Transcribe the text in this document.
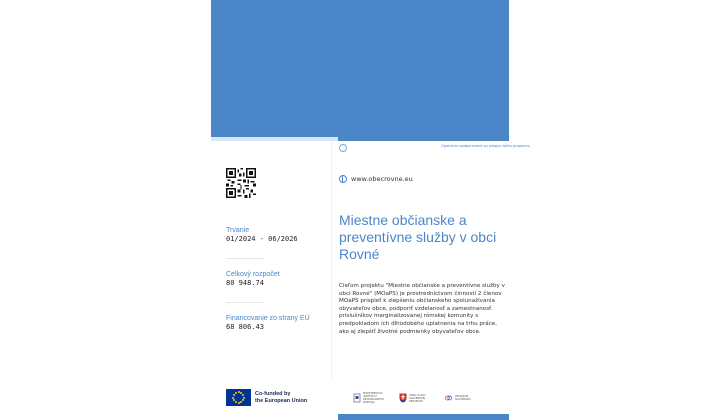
Opatrenie podporované zo zdrojov tohto programu
www.obecrovne.eu
Miestne občianske a preventívne služby v obci Rovné
Trvanie
01/2024 - 06/2026
Celkový rozpočet
80 948.74
Financovanie zo strany EÚ
68 806.43
Cieľom projektu "Miestne občianske a preventívne služby v obci Rovné" (MOaPS) je prostredníctvom činností 2 členov MOaPS prispieť k zlepšeniu občianskeho spolunažívania obyvateľov obce, podporiť vzdelanosť a zamestnanosť príslušníkov marginalizovanej rómskej komunity s predpokladom ich dlhodobého uplatnenia na trhu práce, ako aj zlepšiť životné podmienky obyvateľov obce.
Co-funded by
the European Union
MINISTERSTVO INVESTÍCIÍ REGIONÁLNEHO ROZVOJA
ÚRAD VLÁDY SLOVENSKEJ REPUBLIKY
PROGRAM SLOVENSKO
